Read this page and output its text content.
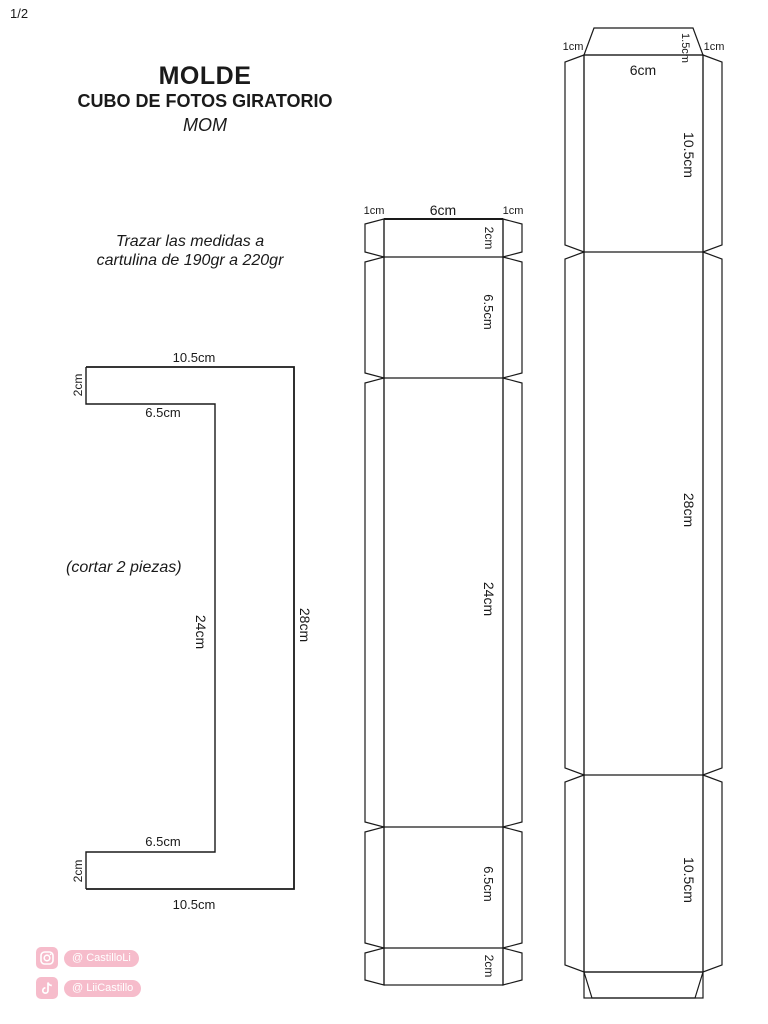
1/2
MOLDE
CUBO DE FOTOS GIRATORIO
MOM
Trazar las medidas a
cartulina de 190gr a 220gr
(cortar 2 piezas)
10.5cm
6.5cm
2cm
24cm	28cm
6.5cm
2cm
10.5cm
6cm
1cm	1cm
2cm
6.5cm
24cm
6.5cm
2cm
6cm
1cm	1cm
1.5cm
10.5cm
28cm
10.5cm
@ CastilloLi
@ LiiCastillo
